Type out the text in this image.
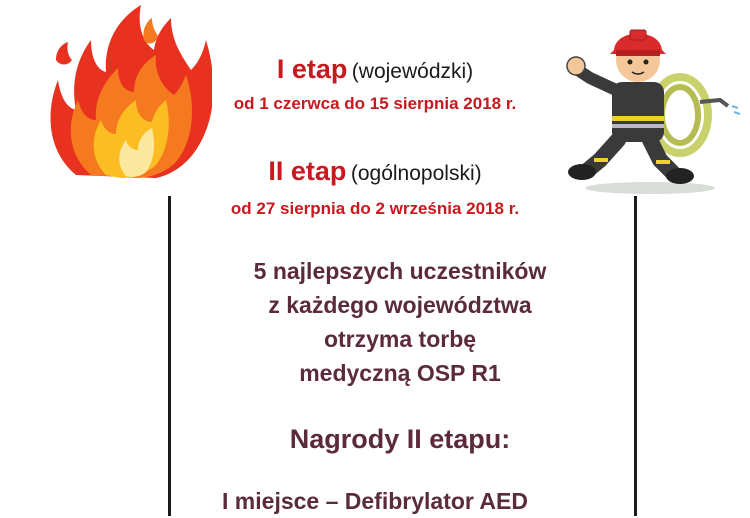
I etap (wojewódzki)
od 1 czerwca do 15 sierpnia 2018 r.
II etap (ogólnopolski)
od 27 sierpnia do 2 września 2018 r.
5 najlepszych uczestników
z każdego województwa
otrzyma torbę
medyczną OSP R1
Nagrody II etapu:
I miejsce – Defibrylator AED
